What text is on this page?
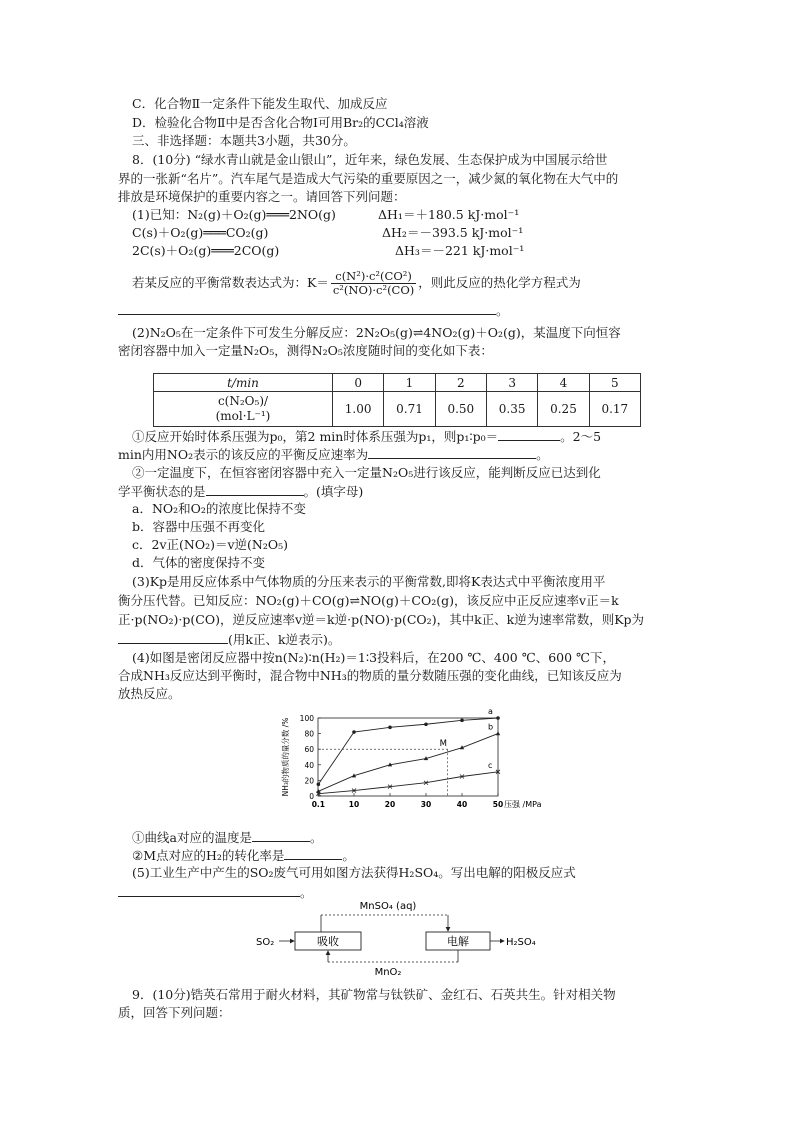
C．化合物Ⅱ一定条件下能发生取代、加成反应
D．检验化合物Ⅱ中是否含化合物Ⅰ可用Br₂的CCl₄溶液
三、非选择题：本题共3小题，共30分。
8．(10分) “绿水青山就是金山银山”，近年来，绿色发展、生态保护成为中国展示给世
界的一张新“名片”。汽车尾气是造成大气污染的重要原因之一，减少氮的氧化物在大气中的
排放是环境保护的重要内容之一。请回答下列问题：
(1)已知：N₂(g)＋O₂(g)═══2NO(g)	ΔH₁＝＋180.5 kJ·mol⁻¹
C(s)＋O₂(g)═══CO₂(g)	ΔH₂＝－393.5 kJ·mol⁻¹
2C(s)＋O₂(g)═══2CO(g)	ΔH₃＝－221 kJ·mol⁻¹
若某反应的平衡常数表达式为：$K= \frac{\text{c(N²)·c²(CO²)}}{\text{c²(NO)·c²(CO)}}$ ，则此反应的热化学方程式为
。
(2)N₂O₅在一定条件下可发生分解反应：2N₂O₅(g)⇌4NO₂(g)＋O₂(g)，某温度下向恒容
密闭容器中加入一定量N₂O₅，测得N₂O₅浓度随时间的变化如下表：
t/min	0	1	2	3	4	5
c(N₂O₅)/
(mol·L⁻¹)	1.00	0.71	0.50	0.35	0.25	0.17
①反应开始时体系压强为p₀，第2 min时体系压强为p₁，则p₁∶p₀＝	。2～5
min内用NO₂表示的该反应的平衡反应速率为	。
②一定温度下，在恒容密闭容器中充入一定量N₂O₅进行该反应，能判断反应已达到化
学平衡状态的是	。(填字母)
a．NO₂和O₂的浓度比保持不变
b．容器中压强不再变化
c．2v正(NO₂)＝v逆(N₂O₅)
d．气体的密度保持不变
(3)Kp是用反应体系中气体物质的分压来表示的平衡常数,即将K表达式中平衡浓度用平
衡分压代替。已知反应：NO₂(g)＋CO(g)⇌NO(g)＋CO₂(g)，该反应中正反应速率v正＝k
正·p(NO₂)·p(CO)，逆反应速率v逆＝k逆·p(NO)·p(CO₂)，其中k正、k逆为速率常数，则Kp为
(用k正、k逆表示)。
(4)如图是密闭反应器中按n(N₂)∶n(H₂)＝1∶3投料后，在200 ℃、400 ℃、600 ℃下，
合成NH₃反应达到平衡时，混合物中NH₃的物质的量分数随压强的变化曲线，已知该反应为
放热反应。
0
20
40
60
80
100
0.1	10	20	30	40	50 压强 /MPa
NH₃的物质的量分数 /%	M
a
b
c
①曲线a对应的温度是	。
②M点对应的H₂的转化率是	。
(5)工业生产中产生的SO₂废气可用如图方法获得H₂SO₄。写出电解的阳极反应式
。
MnSO₄ (aq)
SO₂	吸收	电解	H₂SO₄
MnO₂
9．(10分)锆英石常用于耐火材料，其矿物常与钛铁矿、金红石、石英共生。针对相关物
质，回答下列问题：
